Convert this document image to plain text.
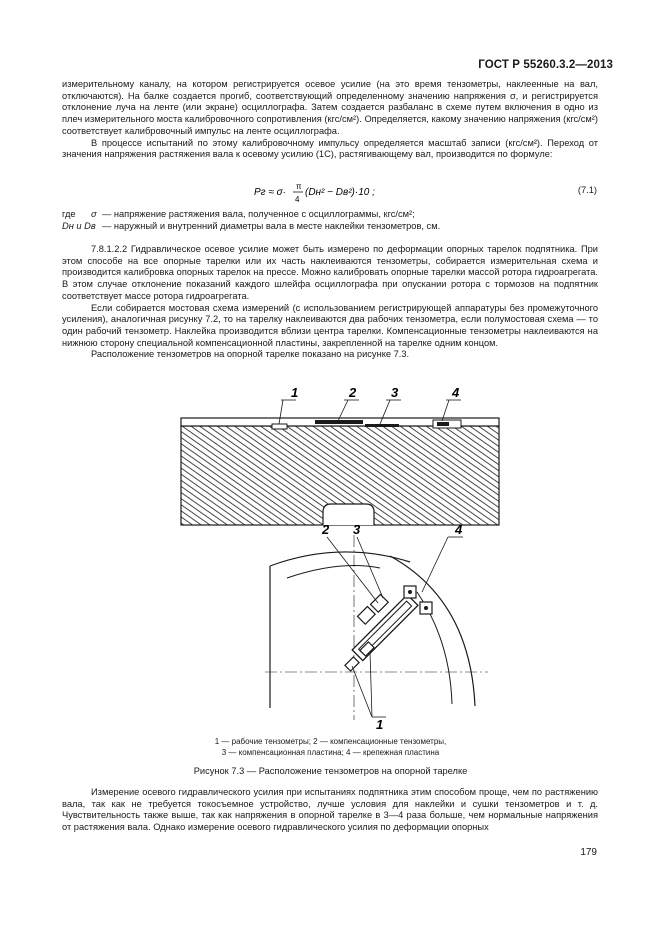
ГОСТ Р 55260.3.2—2013

измерительному каналу, на котором регистрируется осевое усилие (на это время тензометры, наклеенные на вал, отключаются). На балке создается прогиб, соответствующий определенному значению напряжения σ, и регистрируется отклонение луча на ленте (или экране) осциллографа. Затем создается разбаланс в схеме путем включения в одно из плеч измерительного моста калибровочного сопротивления (кгс/см²). Определяется, какому значению напряжения (кгс/см²) соответствует калибровочный импульс на ленте осциллографа.

В процессе испытаний по этому калибровочному импульсу определяется масштаб записи (кгс/см²). Переход от значения напряжения растяжения вала к осевому усилию (1С), растягивающему вал, производится по формуле:

Pг ≈ σ·
π
4
(Dн² − Dв²)·10 ;	(7.1)
где	σ — напряжение растяжения вала, полученное с осциллограммы, кгс/см²;
Dн и Dв — наружный и внутренний диаметры вала в месте наклейки тензометров, см.

7.8.1.2.2 Гидравлическое осевое усилие может быть измерено по деформации опорных тарелок подпятника. При этом способе на все опорные тарелки или их часть наклеиваются тензометры, собирается измерительная схема и производится калибровка опорных тарелок на прессе. Можно калибровать опорные тарелки массой ротора гидроагрегата. В этом случае отклонение показаний каждого шлейфа осциллографа при опускании ротора с тормозов на подпятник соответствует массе ротора гидроагрегата.

Если собирается мостовая схема измерений (с использованием регистрирующей аппаратуры без промежуточного усиления), аналогичная рисунку 7.2, то на тарелку наклеиваются два рабочих тензометра, если полумостовая схема — то один рабочий тензометр. Наклейка производится вблизи центра тарелки. Компенсационные тензометры наклеиваются на нижнюю сторону специальной компенсационной пластины, закрепленной на тарелке одним концом.

Расположение тензометров на опорной тарелке показано на рисунке 7.3.

1	2	3	4
2 3	4
1
1 — рабочие тензометры; 2 — компенсационные тензометры,
3 — компенсационная пластина; 4 — крепежная пластина
Рисунок 7.3 — Расположение тензометров на опорной тарелке

Измерение осевого гидравлического усилия при испытаниях подпятника этим способом проще, чем по растяжению вала, так как не требуется токосъемное устройство, лучше условия для наклейки и сушки тензометров и т. д. Чувствительность также выше, так как напряжения в опорной тарелке в 3—4 раза больше, чем нормальные напряжения от растяжения вала. Однако измерение осевого гидравлического усилия по деформации опорных

179
